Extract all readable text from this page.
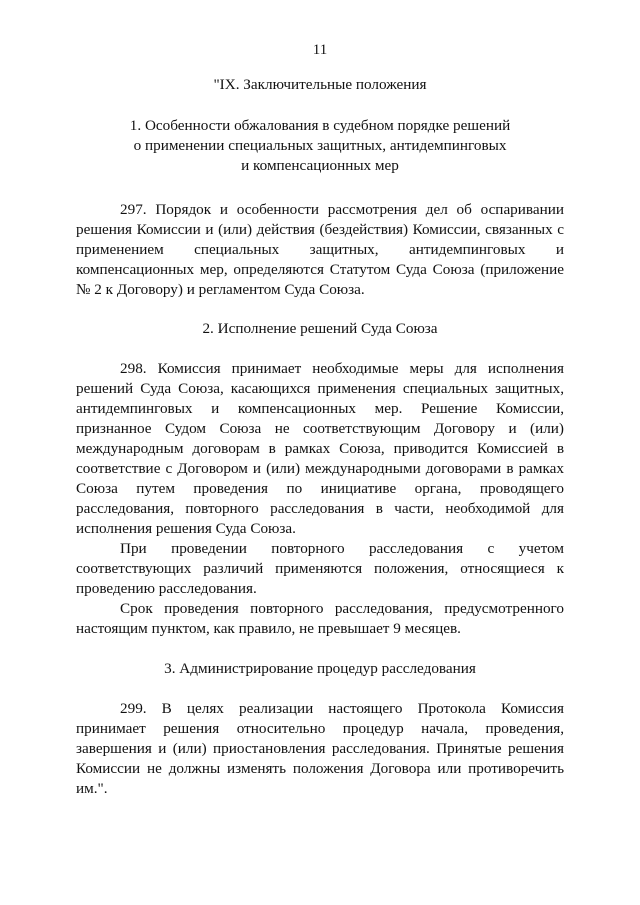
11

"IX. Заключительные положения

1. Особенности обжалования в судебном порядке решений

о применении специальных защитных, антидемпинговых

и компенсационных мер

297. Порядок и особенности рассмотрения дел об оспаривании решения Комиссии и (или) действия (бездействия) Комиссии, связанных с применением специальных защитных, антидемпинговых и компенсационных мер, определяются Статутом Суда Союза (приложение № 2 к Договору) и регламентом Суда Союза.

2. Исполнение решений Суда Союза

298. Комиссия принимает необходимые меры для исполнения решений Суда Союза, касающихся применения специальных защитных, антидемпинговых и компенсационных мер. Решение Комиссии, признанное Судом Союза не соответствующим Договору и (или) международным договорам в рамках Союза, приводится Комиссией в соответствие с Договором и (или) международными договорами в рамках Союза путем проведения по инициативе органа, проводящего расследования, повторного расследования в части, необходимой для исполнения решения Суда Союза.

При проведении повторного расследования с учетом соответствующих различий применяются положения, относящиеся к проведению расследования.

Срок проведения повторного расследования, предусмотренного настоящим пунктом, как правило, не превышает 9 месяцев.

3. Администрирование процедур расследования

299. В целях реализации настоящего Протокола Комиссия принимает решения относительно процедур начала, проведения, завершения и (или) приостановления расследования. Принятые решения Комиссии не должны изменять положения Договора или противоречить им.".
